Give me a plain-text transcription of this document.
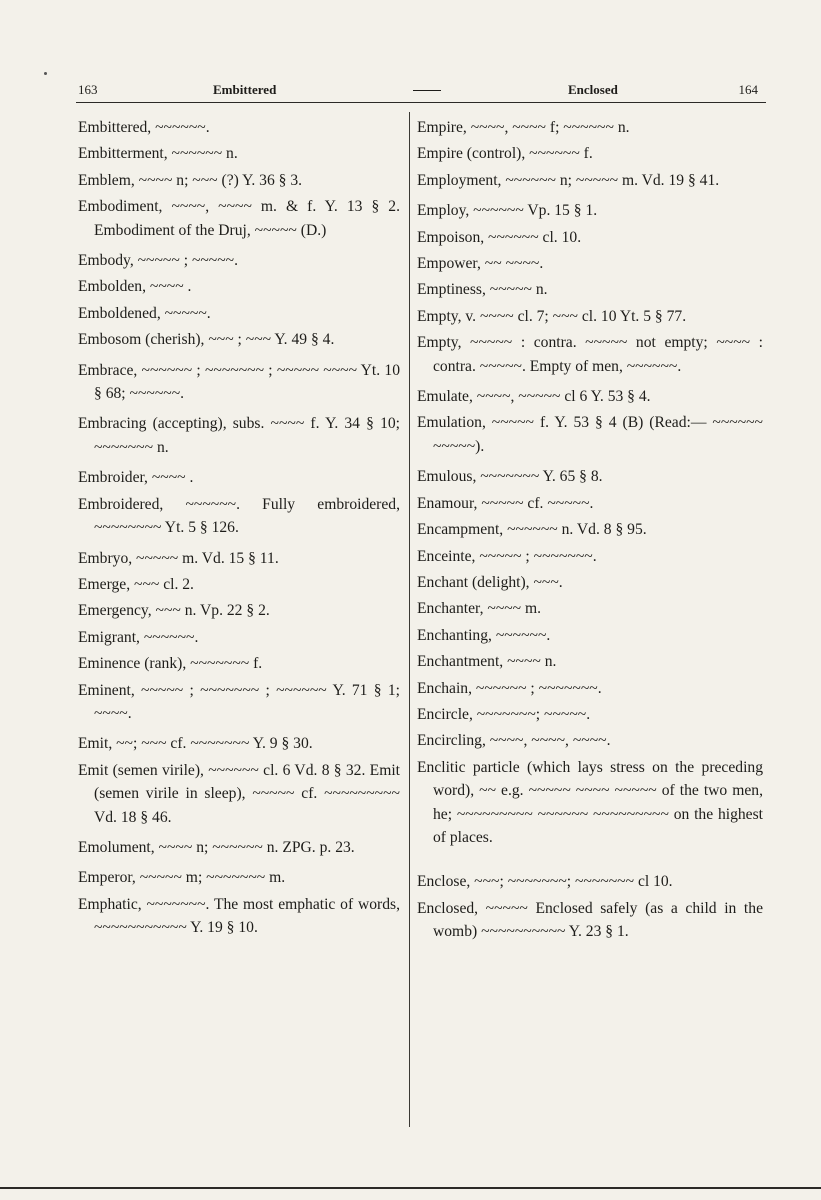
163	Embittered	Enclosed	164

Embittered, ~~~~~~.

Embitterment, ~~~~~~ n.

Emblem, ~~~~ n; ~~~ (?) Y. 36 § 3.

Embodiment, ~~~~, ~~~~ m. & f. Y. 13 § 2. Embodiment of the Druj, ~~~~~ (D.)

Embody, ~~~~~ ; ~~~~~.

Embolden, ~~~~ .

Emboldened, ~~~~~.

Embosom (cherish), ~~~ ; ~~~ Y. 49 § 4.

Embrace, ~~~~~~ ; ~~~~~~~ ; ~~~~~ ~~~~ Yt. 10 § 68; ~~~~~~.

Embracing (accepting), subs. ~~~~ f. Y. 34 § 10; ~~~~~~~ n.

Embroider, ~~~~ .

Embroidered, ~~~~~~. Fully embroidered, ~~~~~~~~ Yt. 5 § 126.

Embryo, ~~~~~ m. Vd. 15 § 11.

Emerge, ~~~ cl. 2.

Emergency, ~~~ n. Vp. 22 § 2.

Emigrant, ~~~~~~.

Eminence (rank), ~~~~~~~ f.

Eminent, ~~~~~ ; ~~~~~~~ ; ~~~~~~ Y. 71 § 1; ~~~~.

Emit, ~~; ~~~ cf. ~~~~~~~ Y. 9 § 30.

Emit (semen virile), ~~~~~~ cl. 6 Vd. 8 § 32. Emit (semen virile in sleep), ~~~~~ cf. ~~~~~~~~~ Vd. 18 § 46.

Emolument, ~~~~ n; ~~~~~~ n. ZPG. p. 23.

Emperor, ~~~~~ m; ~~~~~~~ m.

Emphatic, ~~~~~~~. The most emphatic of words, ~~~~~~~~~~~ Y. 19 § 10.

Empire, ~~~~, ~~~~ f; ~~~~~~ n.

Empire (control), ~~~~~~ f.

Employment, ~~~~~~ n; ~~~~~ m. Vd. 19 § 41.

Employ, ~~~~~~ Vp. 15 § 1.

Empoison, ~~~~~~ cl. 10.

Empower, ~~ ~~~~.

Emptiness, ~~~~~ n.

Empty, v. ~~~~ cl. 7; ~~~ cl. 10 Yt. 5 § 77.

Empty, ~~~~~ : contra. ~~~~~ not empty; ~~~~ : contra. ~~~~~. Empty of men, ~~~~~~.

Emulate, ~~~~, ~~~~~ cl 6 Y. 53 § 4.

Emulation, ~~~~~ f. Y. 53 § 4 (B) (Read:— ~~~~~~ ~~~~~).

Emulous, ~~~~~~~ Y. 65 § 8.

Enamour, ~~~~~ cf. ~~~~~.

Encampment, ~~~~~~ n. Vd. 8 § 95.

Enceinte, ~~~~~ ; ~~~~~~~.

Enchant (delight), ~~~.

Enchanter, ~~~~ m.

Enchanting, ~~~~~~.

Enchantment, ~~~~ n.

Enchain, ~~~~~~ ; ~~~~~~~.

Encircle, ~~~~~~~; ~~~~~.

Encircling, ~~~~, ~~~~, ~~~~.

Enclitic particle (which lays stress on the preceding word), ~~ e.g. ~~~~~ ~~~~ ~~~~~ of the two men, he; ~~~~~~~~~ ~~~~~~ ~~~~~~~~~ on the highest of places.

Enclose, ~~~; ~~~~~~~; ~~~~~~~ cl 10.

Enclosed, ~~~~~ Enclosed safely (as a child in the womb) ~~~~~~~~~~ Y. 23 § 1.
